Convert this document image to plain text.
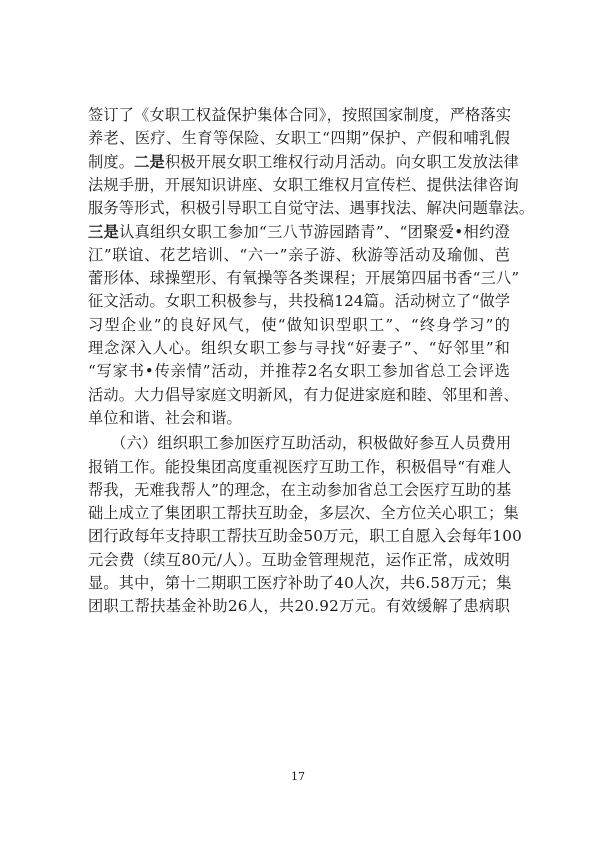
签订了《女职工权益保护集体合同》，按照国家制度，严格落实
养老、医疗、生育等保险、女职工“四期”保护、产假和哺乳假
制度。二是积极开展女职工维权行动月活动。向女职工发放法律
法规手册，开展知识讲座、女职工维权月宣传栏、提供法律咨询
服务等形式，积极引导职工自觉守法、遇事找法、解决问题靠法。
三是认真组织女职工参加“三八节游园踏青”、“团聚爱•相约澄
江”联谊、花艺培训、“六一”亲子游、秋游等活动及瑜伽、芭
蕾形体、球操塑形、有氧操等各类课程；开展第四届书香“三八”
征文活动。女职工积极参与，共投稿124篇。活动树立了“做学
习型企业”的良好风气，使“做知识型职工”、“终身学习”的
理念深入人心。组织女职工参与寻找“好妻子”、“好邻里”和
“写家书•传亲情”活动，并推荐2名女职工参加省总工会评选
活动。大力倡导家庭文明新风，有力促进家庭和睦、邻里和善、
单位和谐、社会和谐。
　　（六）组织职工参加医疗互助活动，积极做好参互人员费用
报销工作。能投集团高度重视医疗互助工作，积极倡导“有难人
帮我，无难我帮人”的理念，在主动参加省总工会医疗互助的基
础上成立了集团职工帮扶互助金，多层次、全方位关心职工；集
团行政每年支持职工帮扶互助金50万元，职工自愿入会每年100
元会费（续互80元/人）。互助金管理规范，运作正常，成效明
显。其中，第十二期职工医疗补助了40人次，共6.58万元；集
团职工帮扶基金补助26人，共20.92万元。有效缓解了患病职
17
